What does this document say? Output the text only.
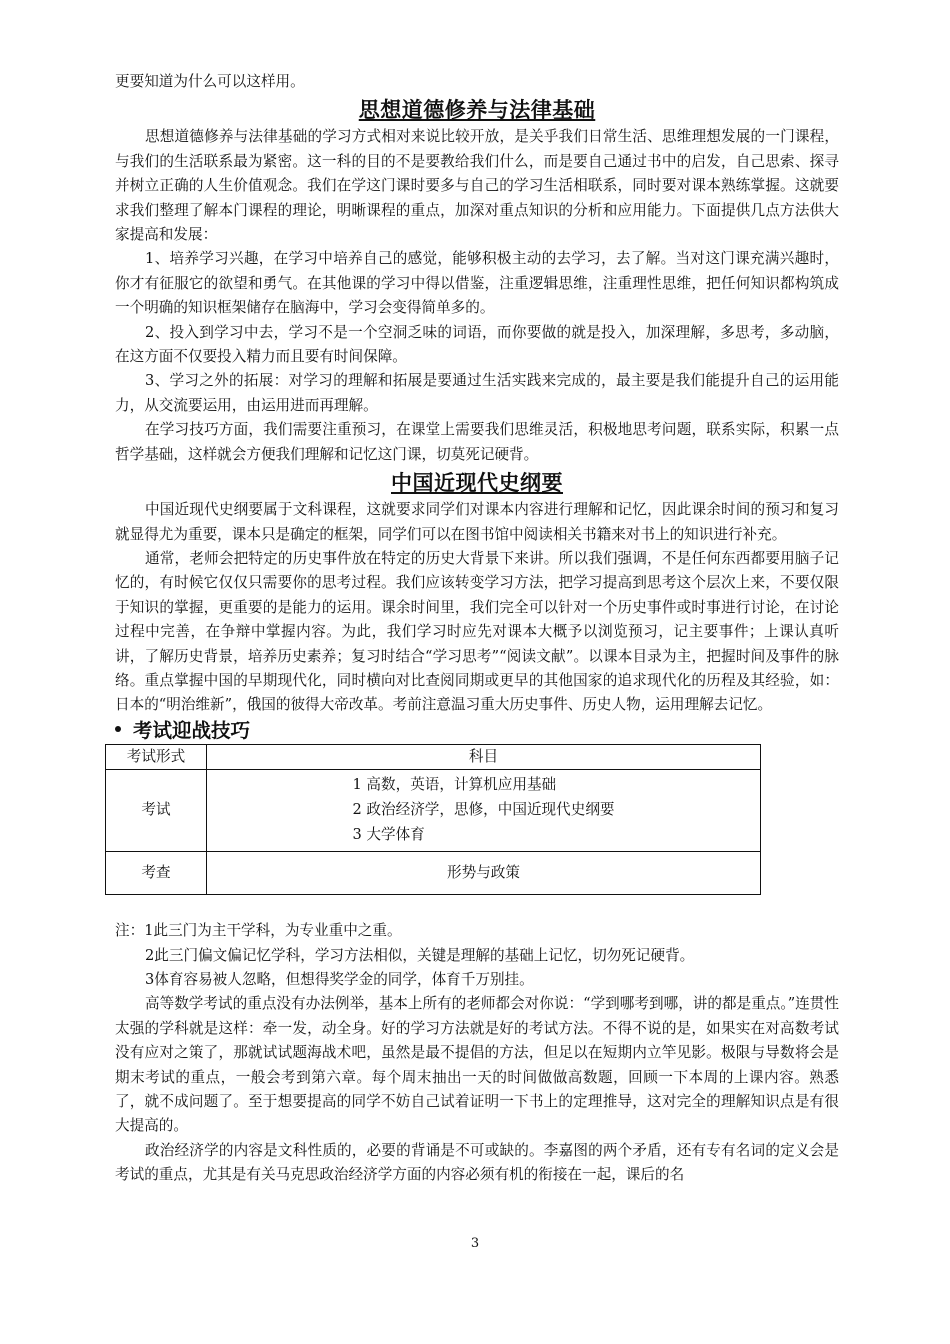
更要知道为什么可以这样用。

思想道德修养与法律基础

思想道德修养与法律基础的学习方式相对来说比较开放，是关乎我们日常生活、思维理想发展的一门课程，与我们的生活联系最为紧密。这一科的目的不是要教给我们什么，而是要自己通过书中的启发，自己思索、探寻并树立正确的人生价值观念。我们在学这门课时要多与自己的学习生活相联系，同时要对课本熟练掌握。这就要求我们整理了解本门课程的理论，明晰课程的重点，加深对重点知识的分析和应用能力。下面提供几点方法供大家提高和发展：

1、培养学习兴趣，在学习中培养自己的感觉，能够积极主动的去学习，去了解。当对这门课充满兴趣时，你才有征服它的欲望和勇气。在其他课的学习中得以借鉴，注重逻辑思维，注重理性思维，把任何知识都构筑成一个明确的知识框架储存在脑海中，学习会变得简单多的。

2、投入到学习中去，学习不是一个空洞乏味的词语，而你要做的就是投入，加深理解，多思考，多动脑，在这方面不仅要投入精力而且要有时间保障。

3、学习之外的拓展：对学习的理解和拓展是要通过生活实践来完成的，最主要是我们能提升自己的运用能力，从交流要运用，由运用进而再理解。

在学习技巧方面，我们需要注重预习，在课堂上需要我们思维灵活，积极地思考问题，联系实际，积累一点哲学基础，这样就会方便我们理解和记忆这门课，切莫死记硬背。

中国近现代史纲要

中国近现代史纲要属于文科课程，这就要求同学们对课本内容进行理解和记忆，因此课余时间的预习和复习就显得尤为重要，课本只是确定的框架，同学们可以在图书馆中阅读相关书籍来对书上的知识进行补充。

通常，老师会把特定的历史事件放在特定的历史大背景下来讲。所以我们强调，不是任何东西都要用脑子记忆的，有时候它仅仅只需要你的思考过程。我们应该转变学习方法，把学习提高到思考这个层次上来，不要仅限于知识的掌握，更重要的是能力的运用。课余时间里，我们完全可以针对一个历史事件或时事进行讨论，在讨论过程中完善，在争辩中掌握内容。为此，我们学习时应先对课本大概予以浏览预习，记主要事件；上课认真听讲，了解历史背景，培养历史素养；复习时结合“学习思考”“阅读文献”。以课本目录为主，把握时间及事件的脉络。重点掌握中国的早期现代化，同时横向对比查阅同期或更早的其他国家的追求现代化的历程及其经验，如：日本的“明治维新”，俄国的彼得大帝改革。考前注意温习重大历史事件、历史人物，运用理解去记忆。

考试迎战技巧
考试形式	科目
考试	1 高数，英语，计算机应用基础
2 政治经济学，思修，中国近现代史纲要
3 大学体育

考查	形势与政策

注：1此三门为主干学科，为专业重中之重。

2此三门偏文偏记忆学科，学习方法相似，关键是理解的基础上记忆，切勿死记硬背。

3体育容易被人忽略，但想得奖学金的同学，体育千万别挂。

高等数学考试的重点没有办法例举，基本上所有的老师都会对你说：“学到哪考到哪，讲的都是重点。”连贯性太强的学科就是这样：牵一发，动全身。好的学习方法就是好的考试方法。不得不说的是，如果实在对高数考试没有应对之策了，那就试试题海战术吧，虽然是最不提倡的方法，但足以在短期内立竿见影。极限与导数将会是期末考试的重点，一般会考到第六章。每个周末抽出一天的时间做做高数题，回顾一下本周的上课内容。熟悉了，就不成问题了。至于想要提高的同学不妨自己试着证明一下书上的定理推导，这对完全的理解知识点是有很大提高的。

政治经济学的内容是文科性质的，必要的背诵是不可或缺的。李嘉图的两个矛盾，还有专有名词的定义会是考试的重点，尤其是有关马克思政治经济学方面的内容必须有机的衔接在一起，课后的名

3
